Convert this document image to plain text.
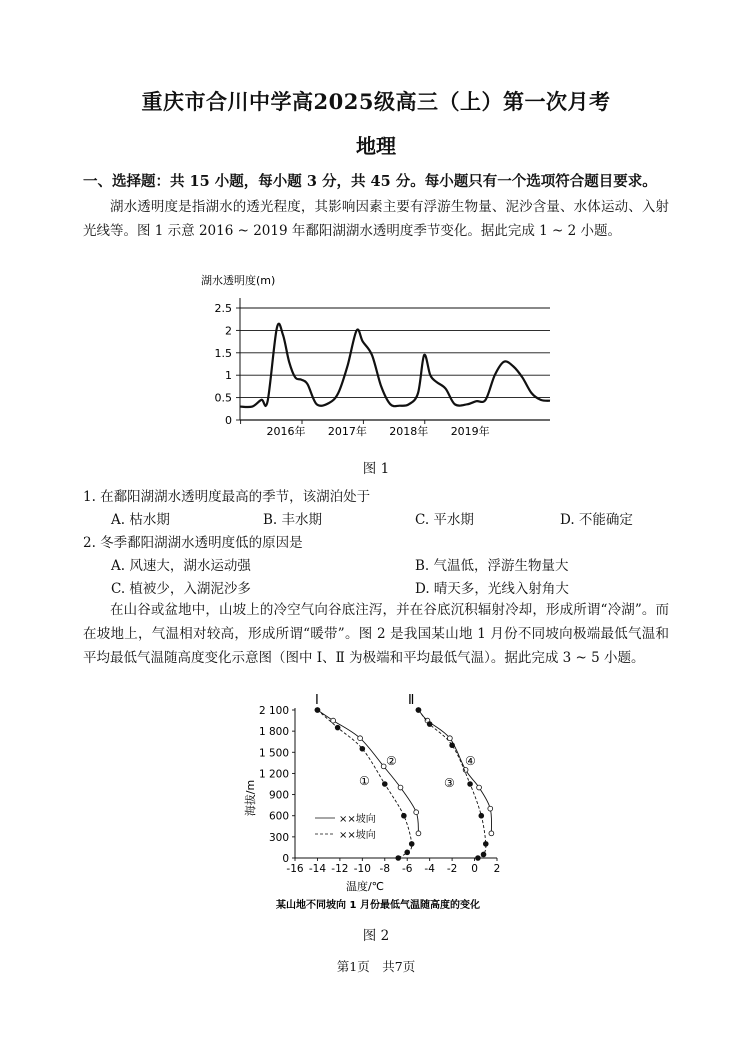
重庆市合川中学高2025级高三（上）第一次月考
地理
一、选择题：共 15 小题，每小题 3 分，共 45 分。每小题只有一个选项符合题目要求。
湖水透明度是指湖水的透光程度，其影响因素主要有浮游生物量、泥沙含量、水体运动、入射光线等。图 1 示意 2016 ~ 2019 年鄱阳湖湖水透明度季节变化。据此完成 1 ~ 2 小题。
2.5
2
1.5
1
0.5
0
2016年 2017年 2018年 2019年
湖水透明度(m)
图 1
1. 在鄱阳湖湖水透明度最高的季节，该湖泊处于
A. 枯水期	B. 丰水期	C. 平水期	D. 不能确定
2. 冬季鄱阳湖湖水透明度低的原因是
A. 风速大，湖水运动强	B. 气温低，浮游生物量大
C. 植被少，入湖泥沙多	D. 晴天多，光线入射角大
在山谷或盆地中，山坡上的冷空气向谷底注泻，并在谷底沉积辐射冷却，形成所谓“冷湖”。而在坡地上，气温相对较高，形成所谓“暖带”。图 2 是我国某山地 1 月份不同坡向极端最低气温和平均最低气温随高度变化示意图（图中 Ⅰ、Ⅱ 为极端和平均最低气温）。据此完成 3 ~ 5 小题。
2 100
1 800
1 500
1 200
900
600
300
0
-16 -14 -12 -10 -8 -6 -4 -2 0 2
海拔/m
温度/℃
某山地不同坡向 1 月份最低气温随高度的变化
Ⅰ	Ⅱ
②
①
④
③
××坡向
××坡向
图 2
第1页　共7页
